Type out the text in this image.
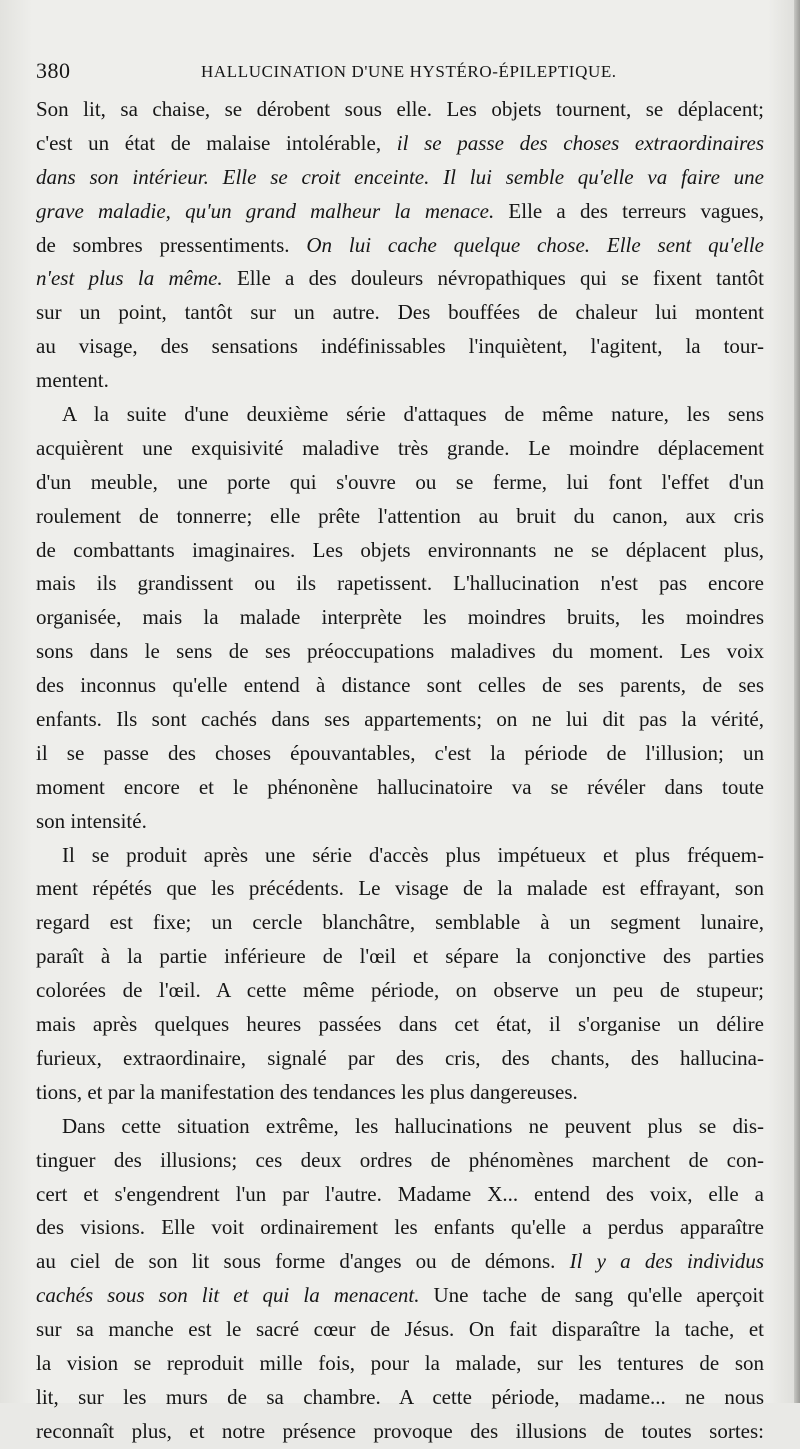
380	HALLUCINATION D'UNE HYSTÉRO-ÉPILEPTIQUE.
Son lit, sa chaise, se dérobent sous elle. Les objets tournent, se déplacent;
c'est un état de malaise intolérable, il se passe des choses extraordinaires
dans son intérieur. Elle se croit enceinte. Il lui semble qu'elle va faire une
grave maladie, qu'un grand malheur la menace. Elle a des terreurs vagues,
de sombres pressentiments. On lui cache quelque chose. Elle sent qu'elle
n'est plus la même. Elle a des douleurs névropathiques qui se fixent tantôt
sur un point, tantôt sur un autre. Des bouffées de chaleur lui montent
au visage, des sensations indéfinissables l'inquiètent, l'agitent, la tour-
mentent.
A la suite d'une deuxième série d'attaques de même nature, les sens
acquièrent une exquisivité maladive très grande. Le moindre déplacement
d'un meuble, une porte qui s'ouvre ou se ferme, lui font l'effet d'un
roulement de tonnerre; elle prête l'attention au bruit du canon, aux cris
de combattants imaginaires. Les objets environnants ne se déplacent plus,
mais ils grandissent ou ils rapetissent. L'hallucination n'est pas encore
organisée, mais la malade interprète les moindres bruits, les moindres
sons dans le sens de ses préoccupations maladives du moment. Les voix
des inconnus qu'elle entend à distance sont celles de ses parents, de ses
enfants. Ils sont cachés dans ses appartements; on ne lui dit pas la vérité,
il se passe des choses épouvantables, c'est la période de l'illusion; un
moment encore et le phénonène hallucinatoire va se révéler dans toute
son intensité.
Il se produit après une série d'accès plus impétueux et plus fréquem-
ment répétés que les précédents. Le visage de la malade est effrayant, son
regard est fixe; un cercle blanchâtre, semblable à un segment lunaire,
paraît à la partie inférieure de l'œil et sépare la conjonctive des parties
colorées de l'œil. A cette même période, on observe un peu de stupeur;
mais après quelques heures passées dans cet état, il s'organise un délire
furieux, extraordinaire, signalé par des cris, des chants, des hallucina-
tions, et par la manifestation des tendances les plus dangereuses.
Dans cette situation extrême, les hallucinations ne peuvent plus se dis-
tinguer des illusions; ces deux ordres de phénomènes marchent de con-
cert et s'engendrent l'un par l'autre. Madame X... entend des voix, elle a
des visions. Elle voit ordinairement les enfants qu'elle a perdus apparaître
au ciel de son lit sous forme d'anges ou de démons. Il y a des individus
cachés sous son lit et qui la menacent. Une tache de sang qu'elle aperçoit
sur sa manche est le sacré cœur de Jésus. On fait disparaître la tache, et
la vision se reproduit mille fois, pour la malade, sur les tentures de son
lit, sur les murs de sa chambre. A cette période, madame... ne nous
reconnaît plus, et notre présence provoque des illusions de toutes sortes:
